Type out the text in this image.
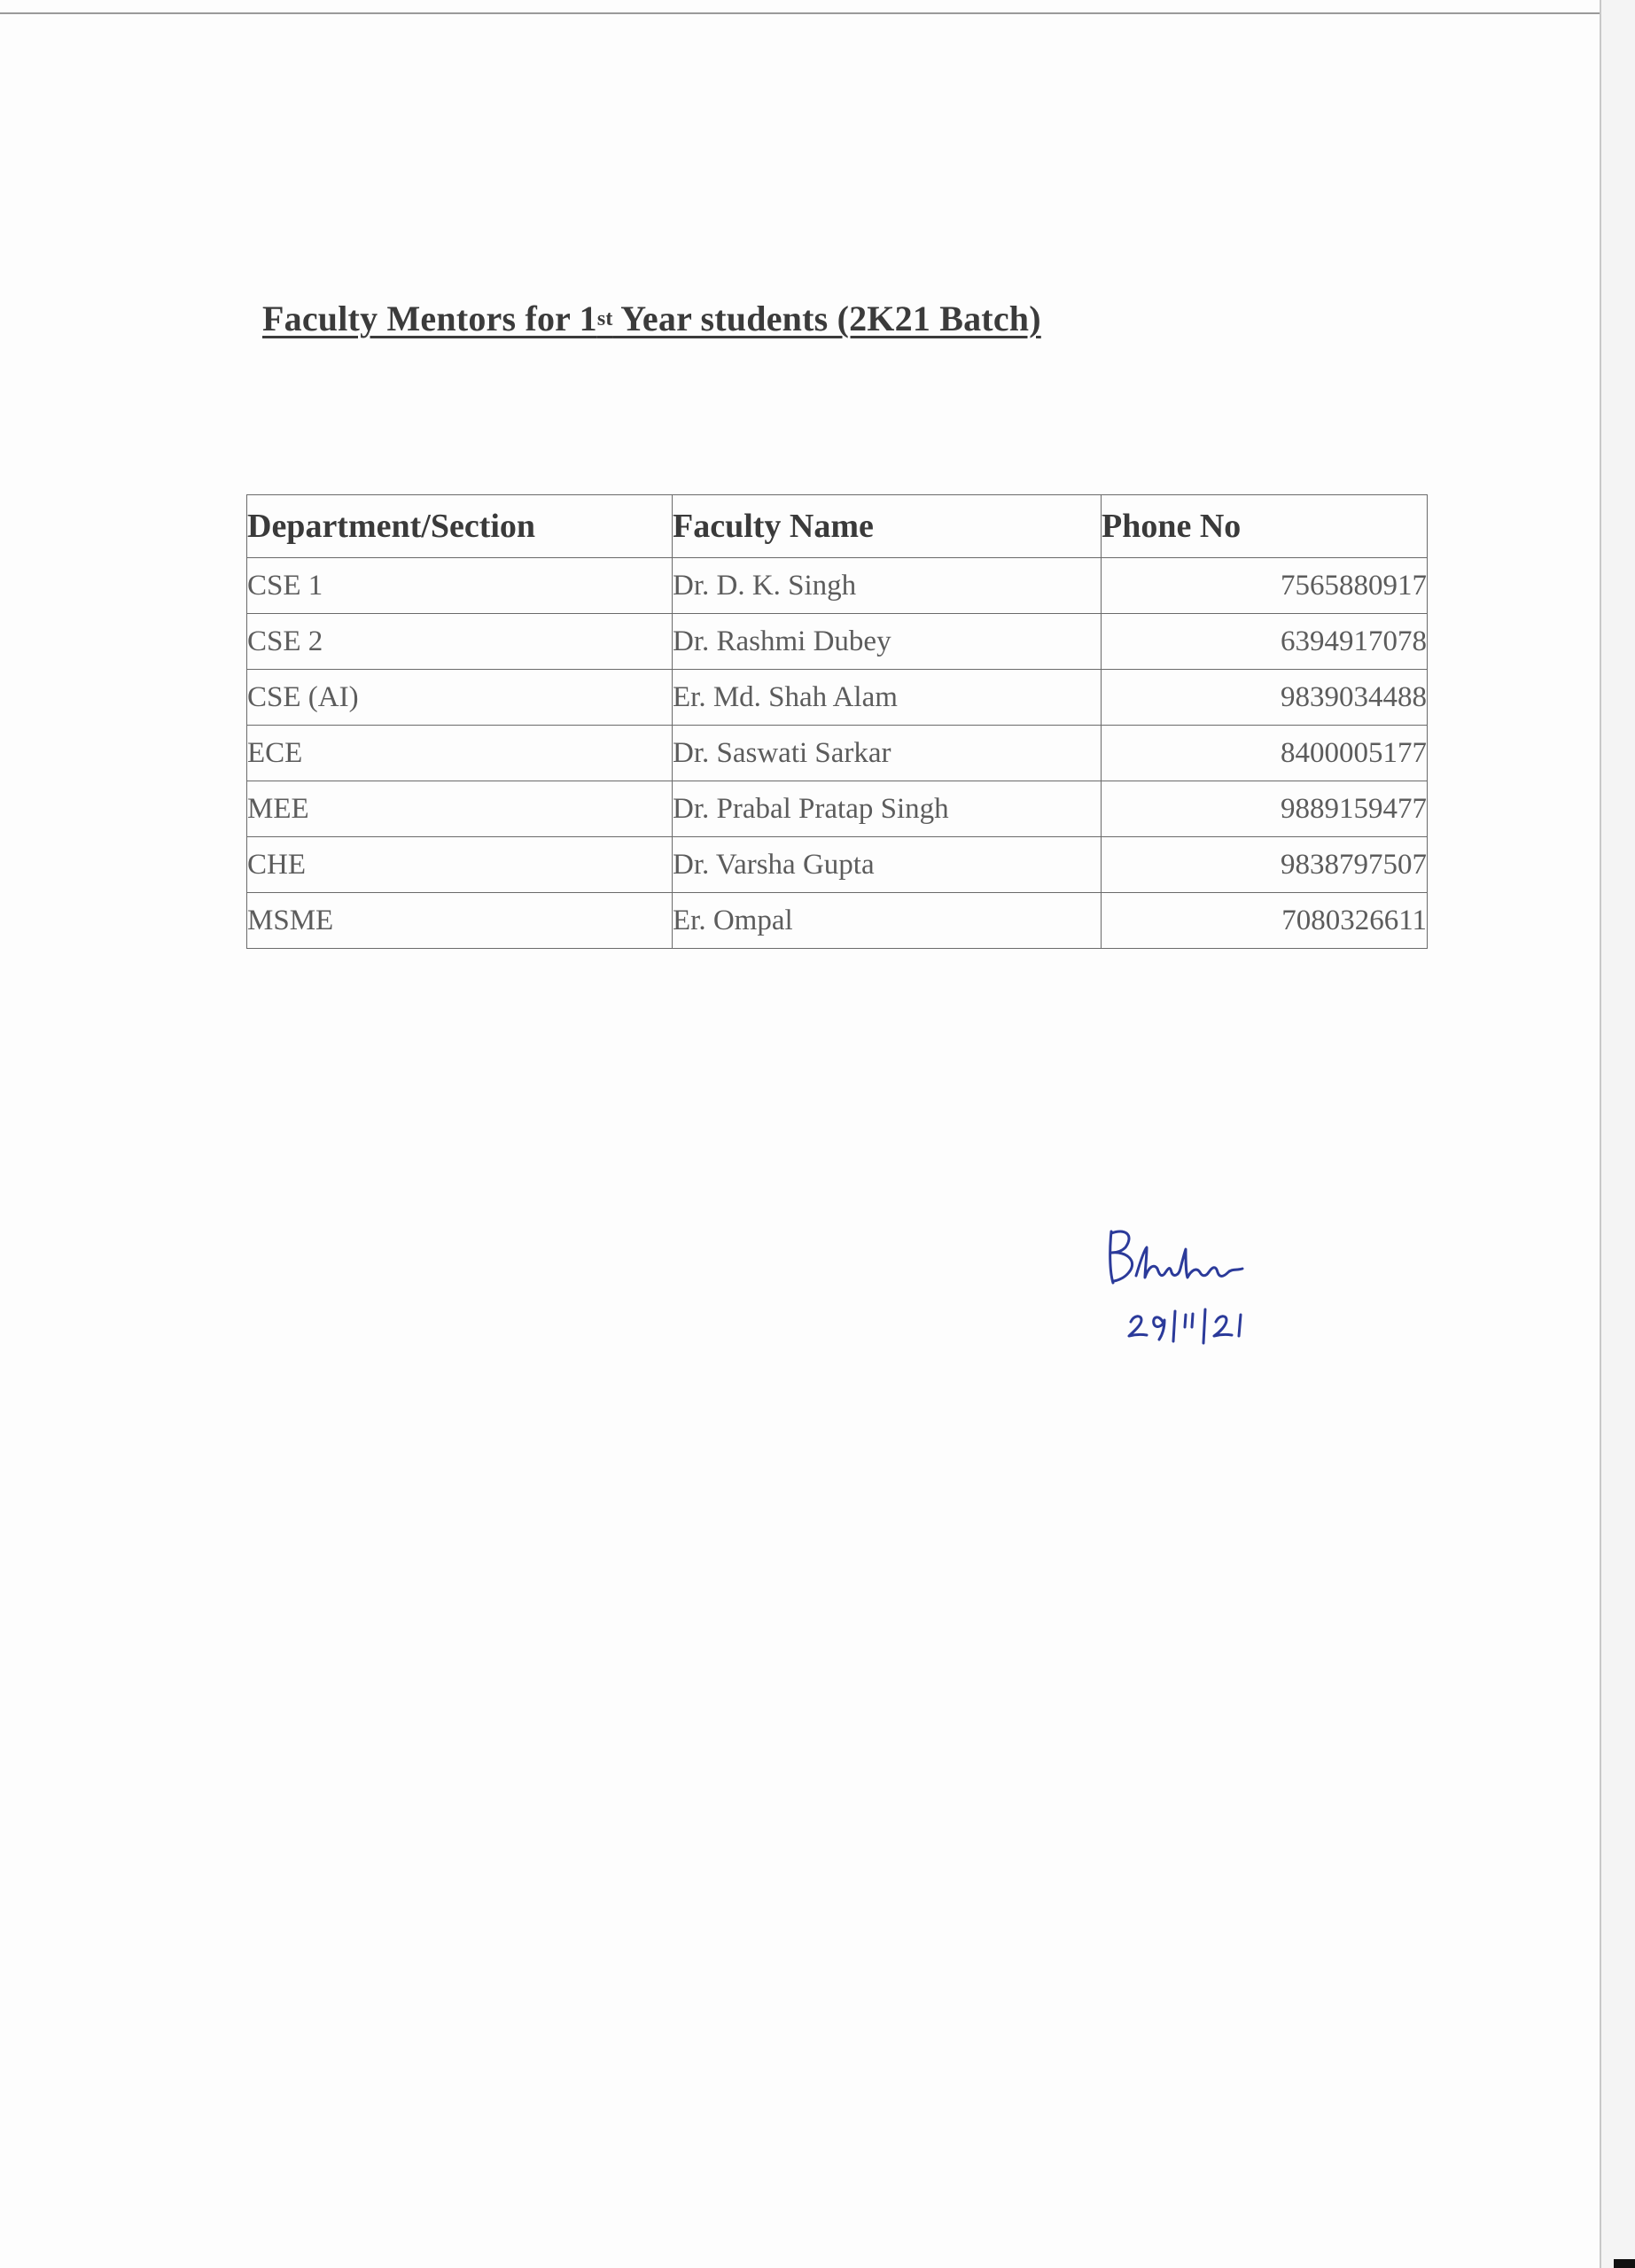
Faculty Mentors for 1st Year students (2K21 Batch)
Department/Section	Faculty Name	Phone No
CSE 1	Dr. D. K. Singh	7565880917
CSE 2	Dr. Rashmi Dubey	6394917078
CSE (AI)	Er. Md. Shah Alam	9839034488
ECE	Dr. Saswati Sarkar	8400005177
MEE	Dr. Prabal Pratap Singh	9889159477
CHE	Dr. Varsha Gupta	9838797507
MSME	Er. Ompal	7080326611
